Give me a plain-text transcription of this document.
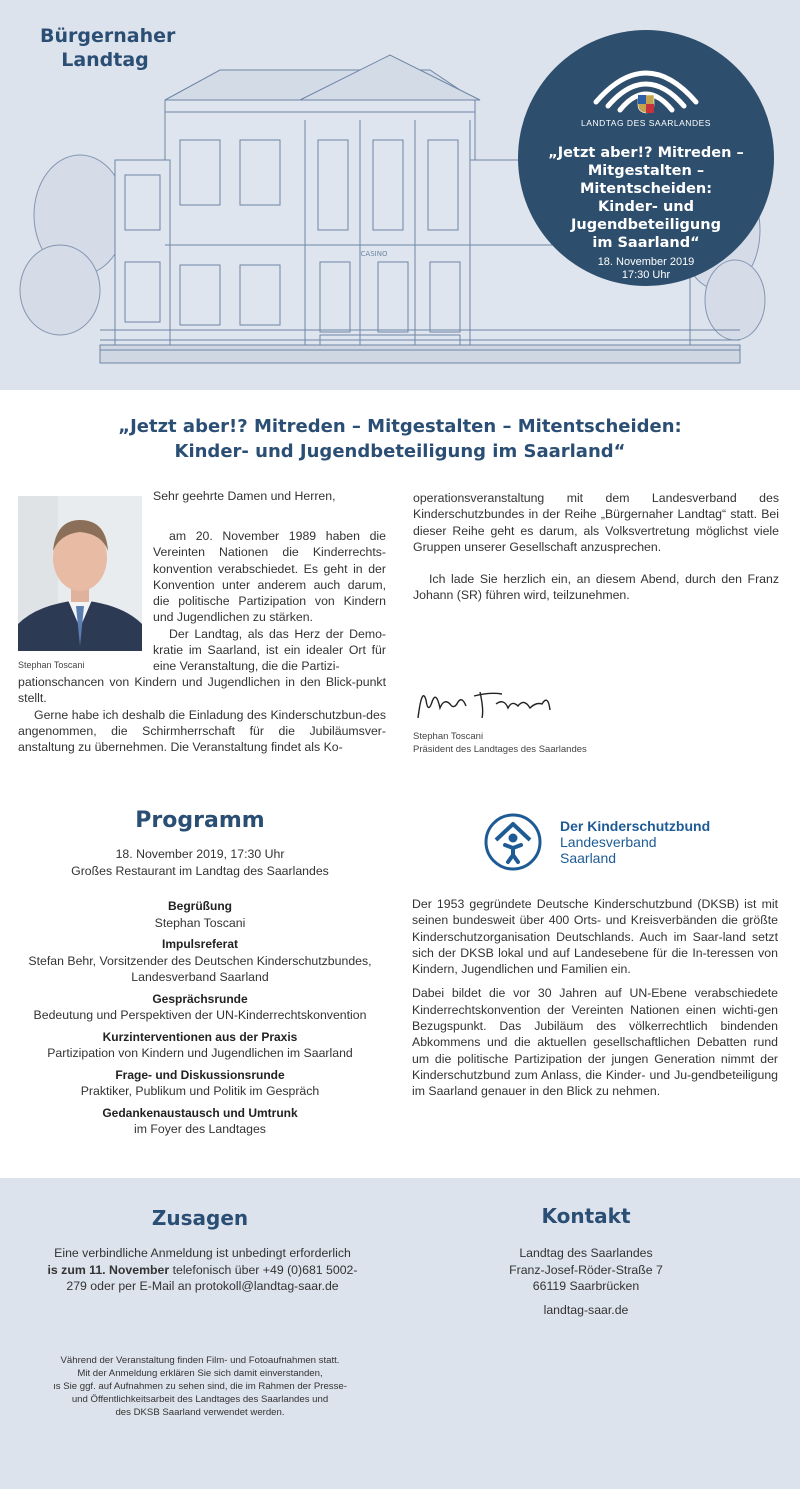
CASINO
Bürgernaher
Landtag
LANDTAG DES SAARLANDES
„Jetzt aber!? Mitreden –
Mitgestalten – Mitentscheiden:
Kinder- und Jugendbeteiligung
im Saarland“
18. November 2019
17:30 Uhr
„Jetzt aber!? Mitreden – Mitgestalten – Mitentscheiden:
Kinder- und Jugendbeteiligung im Saarland“
Stephan Toscani

Sehr geehrte Damen und Herren,

am 20. November 1989 haben die Vereinten Nationen die Kinderrechts-konvention verabschiedet. Es geht in der Konvention unter anderem auch darum, die politische Partizipation von Kindern und Jugendlichen zu stärken.

Der Landtag, als das Herz der Demo-kratie im Saarland, ist ein idealer Ort für eine Veranstaltung, die die Partizi-

pationschancen von Kindern und Jugendlichen in den Blick-punkt stellt.

Gerne habe ich deshalb die Einladung des Kinderschutzbun-des angenommen, die Schirmherrschaft für die Jubiläumsver-anstaltung zu übernehmen. Die Veranstaltung findet als Ko-

operationsveranstaltung mit dem Landesverband des Kinderschutzbundes in der Reihe „Bürgernaher Landtag“ statt. Bei dieser Reihe geht es darum, als Volksvertretung möglichst viele Gruppen unserer Gesellschaft anzusprechen.

Ich lade Sie herzlich ein, an diesem Abend, durch den Franz Johann (SR) führen wird, teilzunehmen.

Stephan Toscani
Präsident des Landtages des Saarlandes
Programm
18. November 2019, 17:30 Uhr
Großes Restaurant im Landtag des Saarlandes
Begrüßung
Stephan Toscani
Impulsreferat
Stefan Behr, Vorsitzender des Deutschen Kinderschutzbundes, Landesverband Saarland
Gesprächsrunde
Bedeutung und Perspektiven der UN-Kinderrechtskonvention
Kurzinterventionen aus der Praxis
Partizipation von Kindern und Jugendlichen im Saarland
Frage- und Diskussionsrunde
Praktiker, Publikum und Politik im Gespräch
Gedankenaustausch und Umtrunk
im Foyer des Landtages
Der Kinderschutzbund
Landesverband
Saarland

Der 1953 gegründete Deutsche Kinderschutzbund (DKSB) ist mit seinen bundesweit über 400 Orts- und Kreisverbänden die größte Kinderschutzorganisation Deutschlands. Auch im Saar-land setzt sich der DKSB lokal und auf Landesebene für die In-teressen von Kindern, Jugendlichen und Familien ein.

Dabei bildet die vor 30 Jahren auf UN-Ebene verabschiedete Kinderrechtskonvention der Vereinten Nationen einen wichti-gen Bezugspunkt. Das Jubiläum des völkerrechtlich bindenden Abkommens und die aktuellen gesellschaftlichen Debatten rund um die politische Partizipation der jungen Generation nimmt der Kinderschutzbund zum Anlass, die Kinder- und Ju-gendbeteiligung im Saarland genauer in den Blick zu nehmen.

Zusagen
Eine verbindliche Anmeldung ist unbedingt erforderlich
is zum 11. November telefonisch über +49 (0)681 5002-
279 oder per E-Mail an protokoll@landtag-saar.de
Kontakt
Landtag des Saarlandes
Franz-Josef-Röder-Straße 7
66119 Saarbrücken
landtag-saar.de
Vährend der Veranstaltung finden Film- und Fotoaufnahmen statt.
Mit der Anmeldung erklären Sie sich damit einverstanden,
ıs Sie ggf. auf Aufnahmen zu sehen sind, die im Rahmen der Presse-
und Öffentlichkeitsarbeit des Landtages des Saarlandes und
des DKSB Saarland verwendet werden.
